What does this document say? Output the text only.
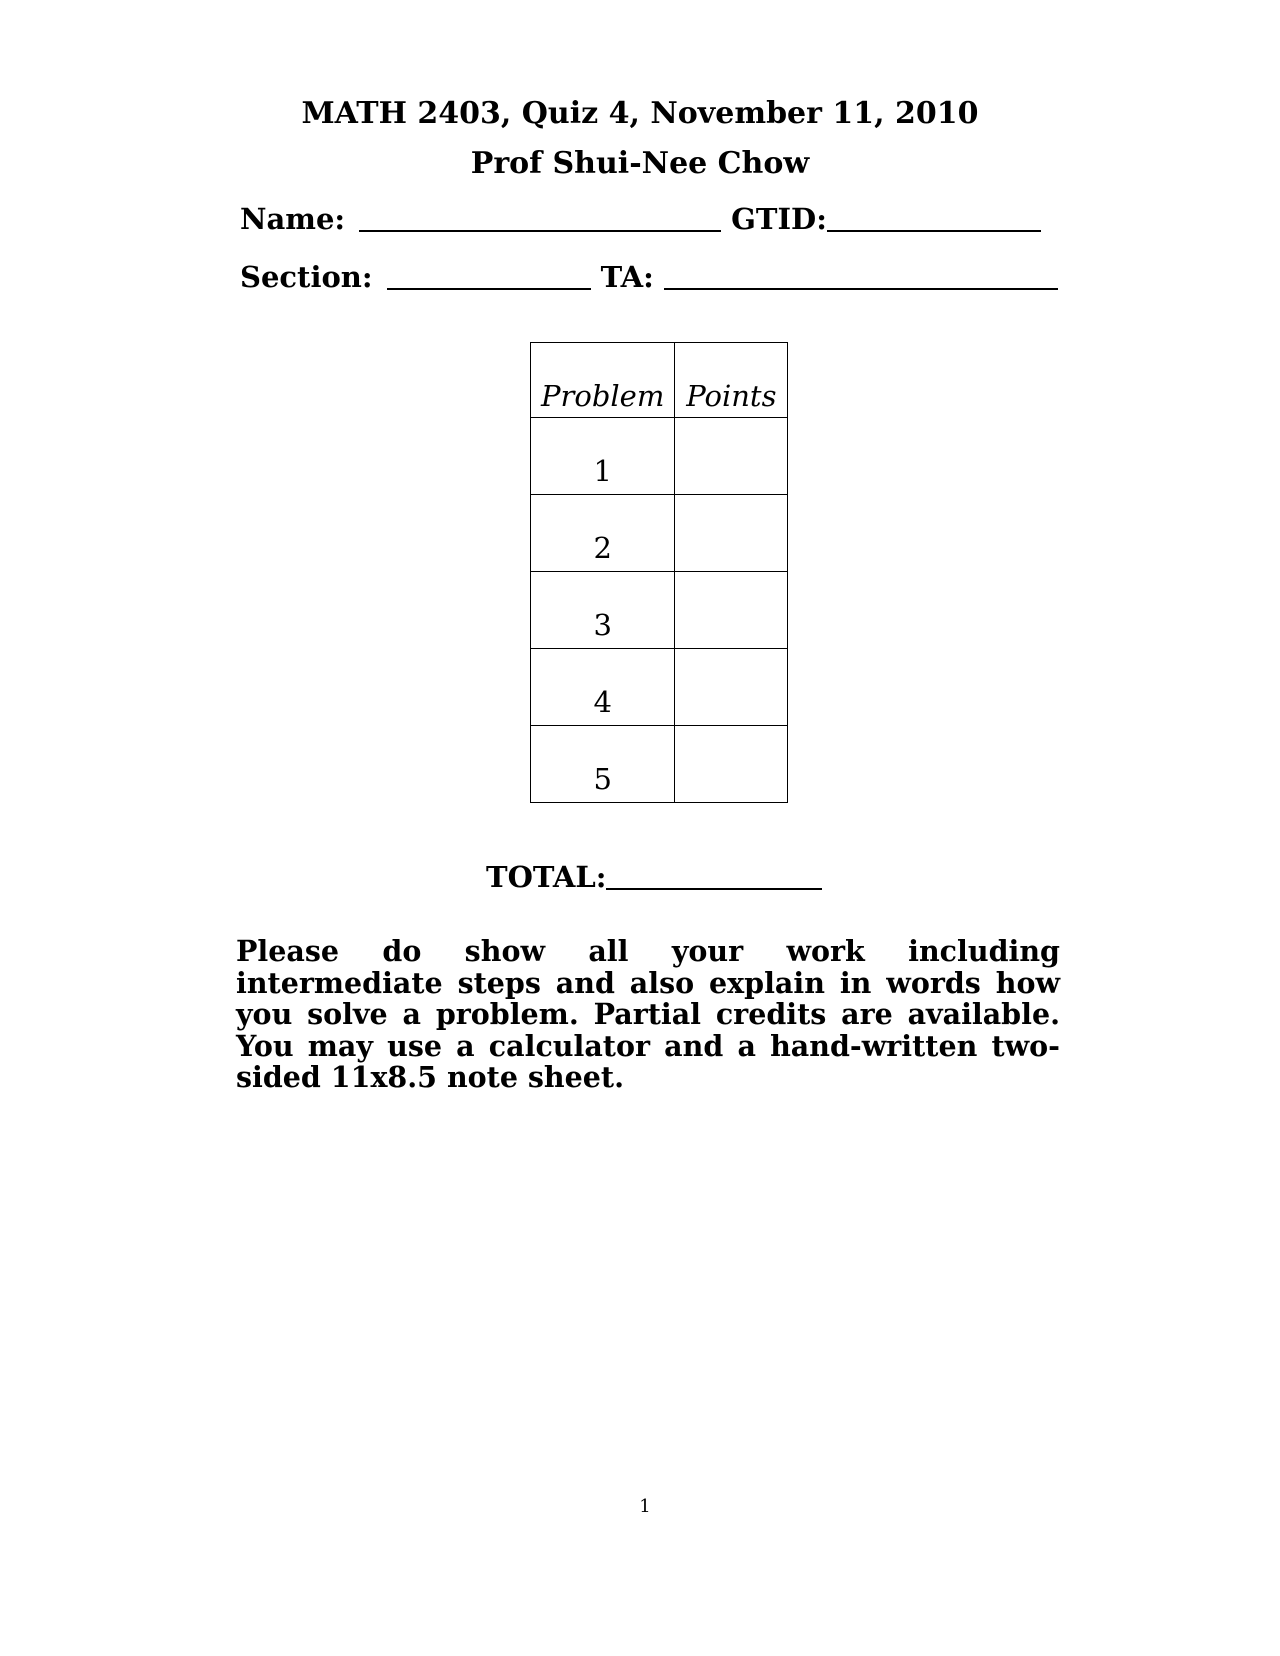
MATH 2403, Quiz 4, November 11, 2010
Prof Shui-Nee Chow
Name:	GTID:
Section:	TA:
Problem	Points
1	
2	
3	
4	
5	
TOTAL:
Please do show all your work including intermediate steps and also explain in words how you solve a problem. Partial credits are available. You may use a calculator and a hand-written two-sided 11x8.5 note sheet.
1
